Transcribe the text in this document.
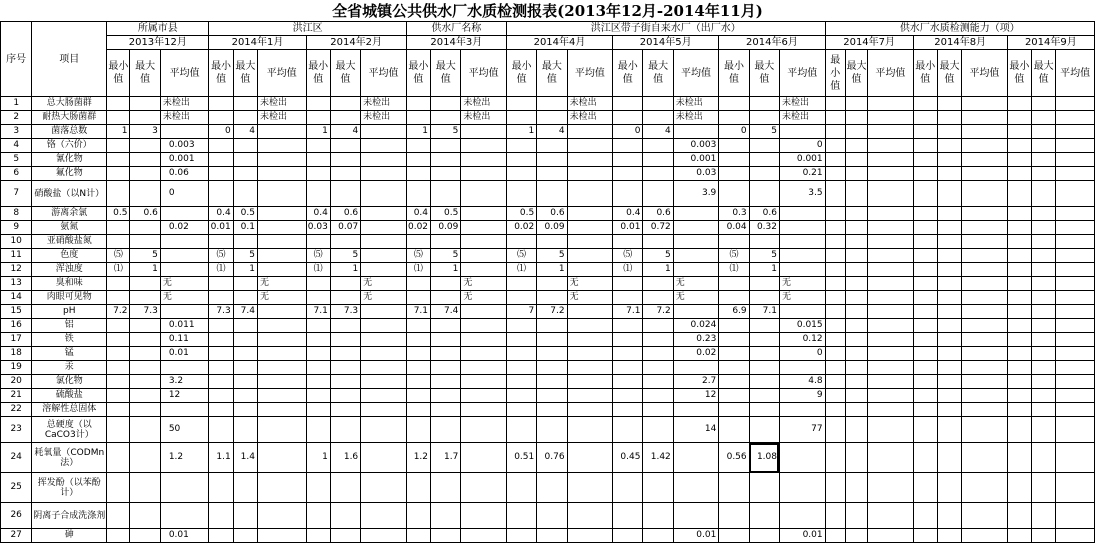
全省城镇公共供水厂水质检测报表(2013年12月-2014年11月)
序号	项目	所属市县			洪江区						供水厂名称			洪江区带子街自来水厂（出厂水）									供水厂水质检测能力（项）								
		2013年12月			2014年1月			2014年2月			2014年3月			2014年4月			2014年5月			2014年6月			2014年7月			2014年8月			2014年9月		
		最小值	最大值	平均值	最小值	最大值	平均值	最小值	最大值	平均值	最小值	最大值	平均值	最小值	最大值	平均值	最小值	最大值	平均值	最小值	最大值	平均值	最小值	最大值	平均值	最小值	最大值	平均值	最小值	最大值	平均值
1	总大肠菌群			未检出			未检出			未检出			未检出			未检出			未检出			未检出									
2	耐热大肠菌群			未检出			未检出			未检出			未检出			未检出			未检出			未检出									
3	菌落总数	1	3		0	4		1	4		1	5		1	4		0	4		0	5										
4	铬（六价）			0.003															0.003			0									
5	氰化物			0.001															0.001			0.001									
6	氟化物			0.06															0.03			0.21									
7	硝酸盐（以N计）			0															3.9			3.5									
8	游离余氯	0.5	0.6		0.4	0.5		0.4	0.6		0.4	0.5		0.5	0.6		0.4	0.6		0.3	0.6										
9	氨氮			0.02	0.01	0.1		0.03	0.07		0.02	0.09		0.02	0.09		0.01	0.72		0.04	0.32										
10	亚硝酸盐氮																														
11	色度	⑸	5		⑸	5		⑸	5		⑸	5		⑸	5		⑸	5		⑸	5										
12	浑浊度	⑴	1		⑴	1		⑴	1		⑴	1		⑴	1		⑴	1		⑴	1										
13	臭和味			无			无			无			无			无			无			无									
14	肉眼可见物			无			无			无			无			无			无			无									
15	pH	7.2	7.3		7.3	7.4		7.1	7.3		7.1	7.4		7	7.2		7.1	7.2		6.9	7.1										
16	铝			0.011															0.024			0.015									
17	铁			0.11															0.23			0.12									
18	锰			0.01															0.02			0									
19	汞																														
20	氯化物			3.2															2.7			4.8									
21	硫酸盐			12															12			9									
22	溶解性总固体																														
23	总硬度（以CaCO3计）			50															14			77									
24	耗氧量（CODMn法）			1.2	1.1	1.4		1	1.6		1.2	1.7		0.51	0.76		0.45	1.42		0.56	1.08										
25	挥发酚（以苯酚计）																														
26	阴离子合成洗涤剂																														
27	砷			0.01															0.01			0.01									
